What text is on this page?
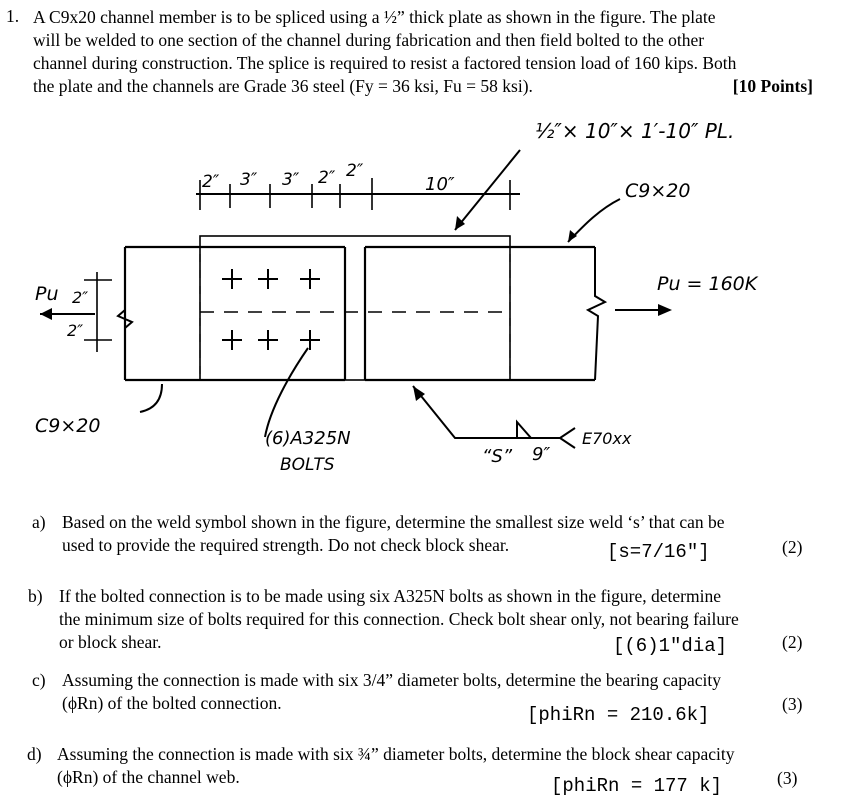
1. A C9x20 channel member is to be spliced using a ½” thick plate as shown in the figure. The plate
will be welded to one section of the channel during fabrication and then field bolted to the other
channel during construction. The splice is required to resist a factored tension load of 160 kips. Both
the plate and the channels are Grade 36 steel (Fy = 36 ksi, Fu = 58 ksi).	[10 Points]
½″× 10″× 1′-10″ PL.
2″ 3″ 3″ 2″ 2″
10″	C9×20
Pu 2″
2″
Pu = 160K
C9×20
(6)A325N
BOLTS	“S” 9″
E70xx
a) Based on the weld symbol shown in the figure, determine the smallest size weld ‘s’ that can be
used to provide the required strength. Do not check block shear.	[s=7/16"]	(2)
b) If the bolted connection is to be made using six A325N bolts as shown in the figure, determine
the minimum size of bolts required for this connection. Check bolt shear only, not bearing failure
or block shear.	[(6)1"dia]	(2)
c) Assuming the connection is made with six 3/4” diameter bolts, determine the bearing capacity
(ϕRn) of the bolted connection.
[phiRn = 210.6k]	(3)
d) Assuming the connection is made with six ¾” diameter bolts, determine the block shear capacity
(ϕRn) of the channel web.	[phiRn = 177 k]	(3)
